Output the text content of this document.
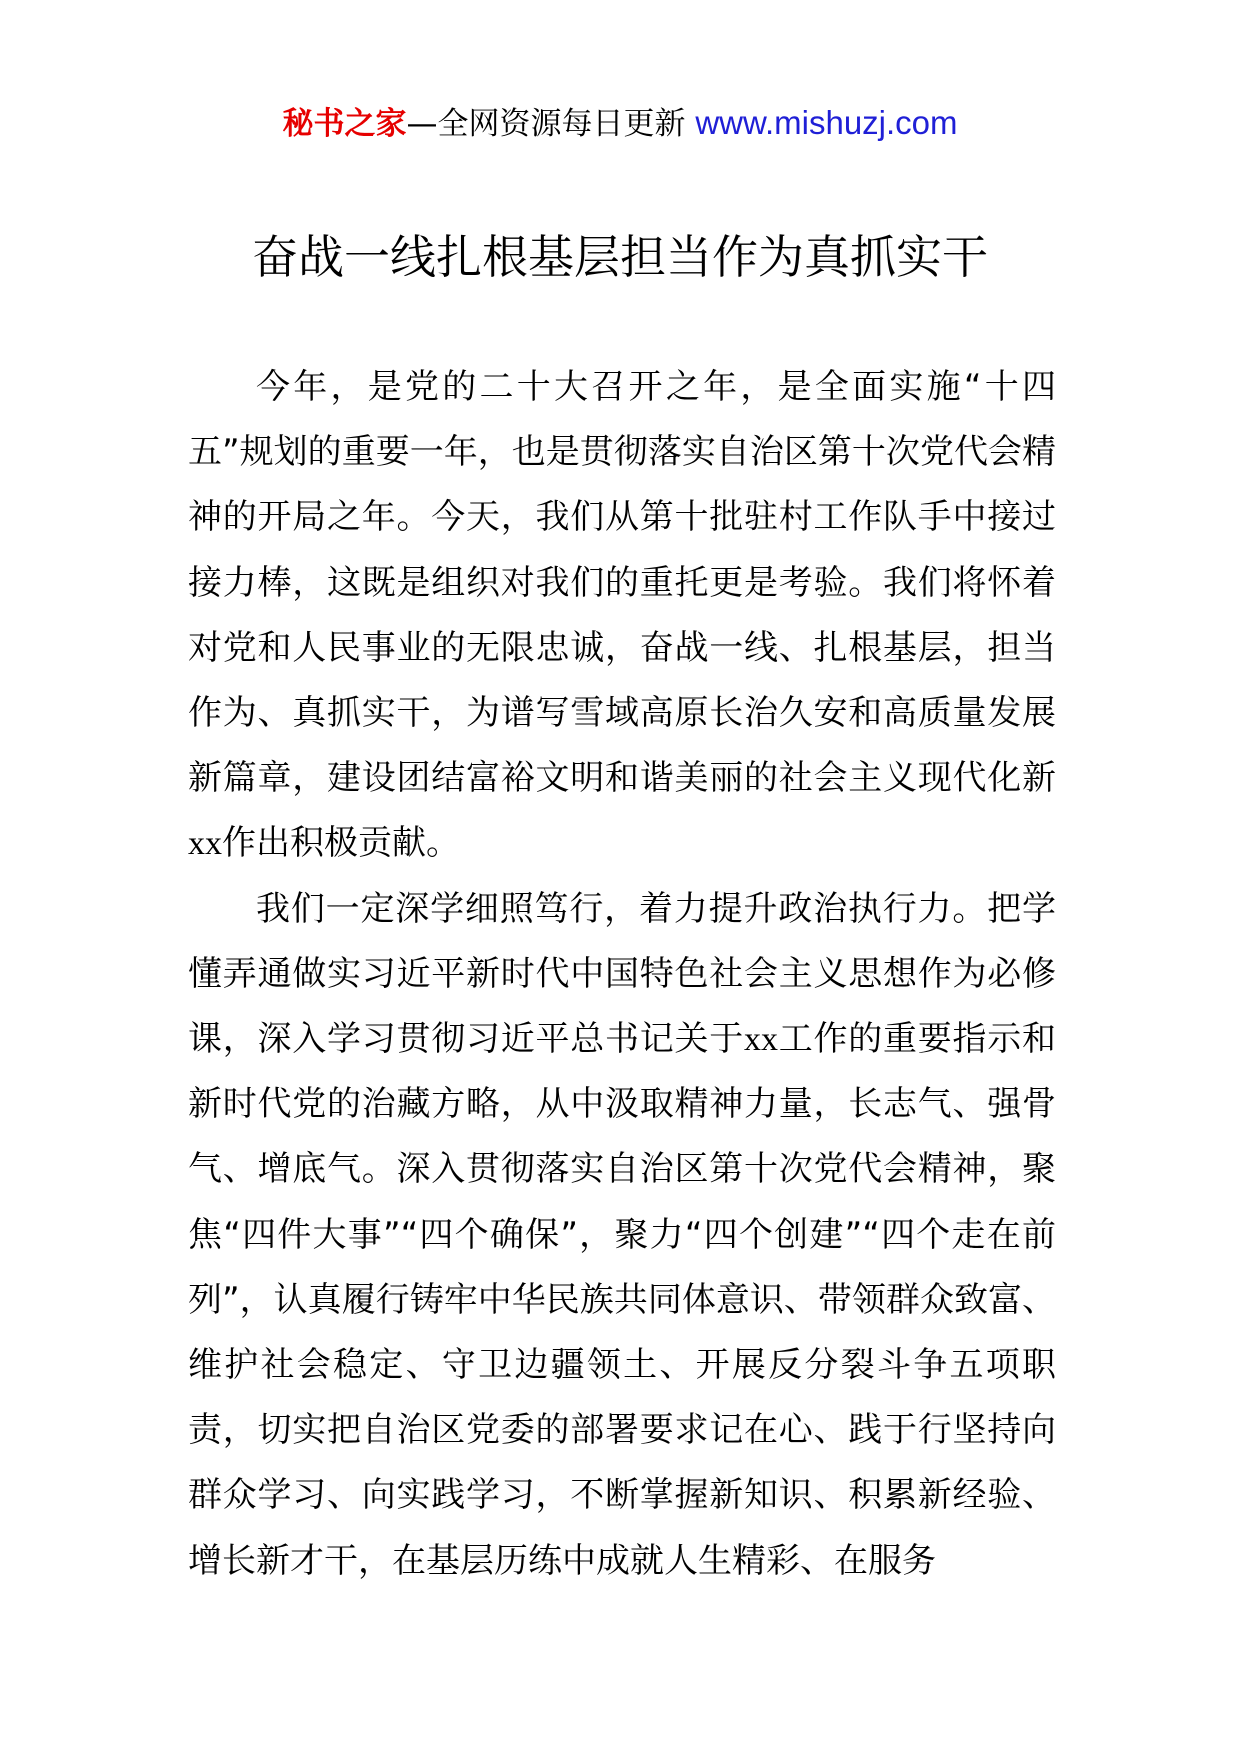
秘书之家—全网资源每日更新 www.mishuzj.com
奋战一线扎根基层担当作为真抓实干

今年，是党的二十大召开之年，是全面实施“十四五”规划的重要一年，也是贯彻落实自治区第十次党代会精神的开局之年。今天，我们从第十批驻村工作队手中接过接力棒，这既是组织对我们的重托更是考验。我们将怀着对党和人民事业的无限忠诚，奋战一线、扎根基层，担当作为、真抓实干，为谱写雪域高原长治久安和高质量发展新篇章，建设团结富裕文明和谐美丽的社会主义现代化新xx作出积极贡献。

我们一定深学细照笃行，着力提升政治执行力。把学懂弄通做实习近平新时代中国特色社会主义思想作为必修课，深入学习贯彻习近平总书记关于xx工作的重要指示和新时代党的治藏方略，从中汲取精神力量，长志气、强骨气、增底气。深入贯彻落实自治区第十次党代会精神，聚焦“四件大事”“四个确保”，聚力“四个创建”“四个走在前列”，认真履行铸牢中华民族共同体意识、带领群众致富、维护社会稳定、守卫边疆领土、开展反分裂斗争五项职责，切实把自治区党委的部署要求记在心、践于行坚持向群众学习、向实践学习，不断掌握新知识、积累新经验、增长新才干，在基层历练中成就人生精彩、在服务
